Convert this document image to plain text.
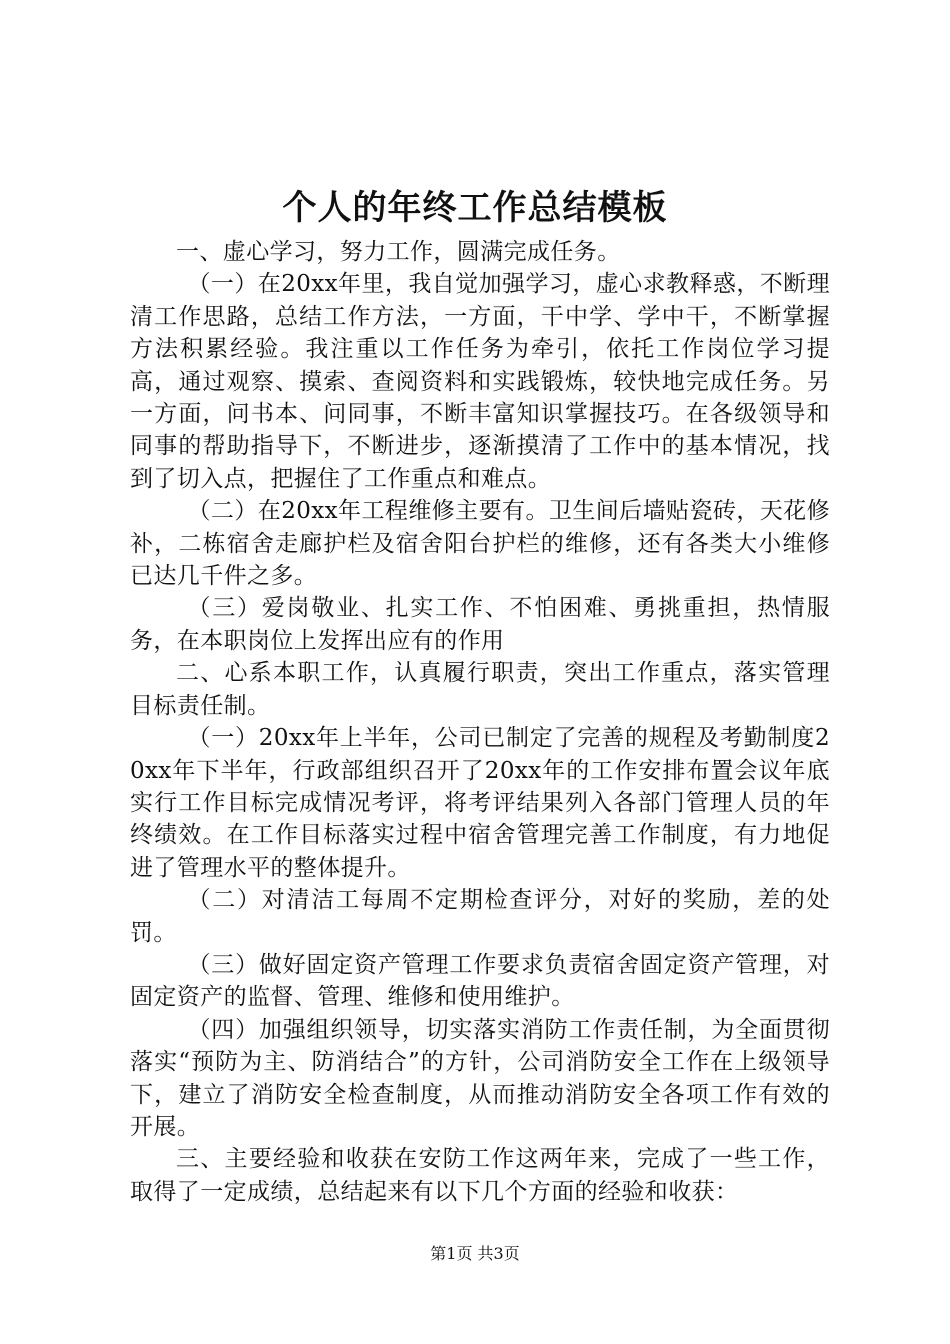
个人的年终工作总结模板

一、虚心学习，努力工作，圆满完成任务。

（一）在20xx年里，我自觉加强学习，虚心求教释惑，不断理清工作思路，总结工作方法，一方面，干中学、学中干，不断掌握方法积累经验。我注重以工作任务为牵引，依托工作岗位学习提高，通过观察、摸索、查阅资料和实践锻炼，较快地完成任务。另一方面，问书本、问同事，不断丰富知识掌握技巧。在各级领导和同事的帮助指导下，不断进步，逐渐摸清了工作中的基本情况，找到了切入点，把握住了工作重点和难点。

（二）在20xx年工程维修主要有。卫生间后墙贴瓷砖，天花修补，二栋宿舍走廊护栏及宿舍阳台护栏的维修，还有各类大小维修已达几千件之多。

（三）爱岗敬业、扎实工作、不怕困难、勇挑重担，热情服务，在本职岗位上发挥出应有的作用

二、心系本职工作，认真履行职责，突出工作重点，落实管理目标责任制。

（一）20xx年上半年，公司已制定了完善的规程及考勤制度20xx年下半年，行政部组织召开了20xx年的工作安排布置会议年底实行工作目标完成情况考评，将考评结果列入各部门管理人员的年终绩效。在工作目标落实过程中宿舍管理完善工作制度，有力地促进了管理水平的整体提升。

（二）对清洁工每周不定期检查评分，对好的奖励，差的处罚。

（三）做好固定资产管理工作要求负责宿舍固定资产管理，对固定资产的监督、管理、维修和使用维护。

（四）加强组织领导，切实落实消防工作责任制，为全面贯彻落实“预防为主、防消结合”的方针，公司消防安全工作在上级领导下，建立了消防安全检查制度，从而推动消防安全各项工作有效的开展。

三、主要经验和收获在安防工作这两年来，完成了一些工作，取得了一定成绩，总结起来有以下几个方面的经验和收获：

第1页 共3页
